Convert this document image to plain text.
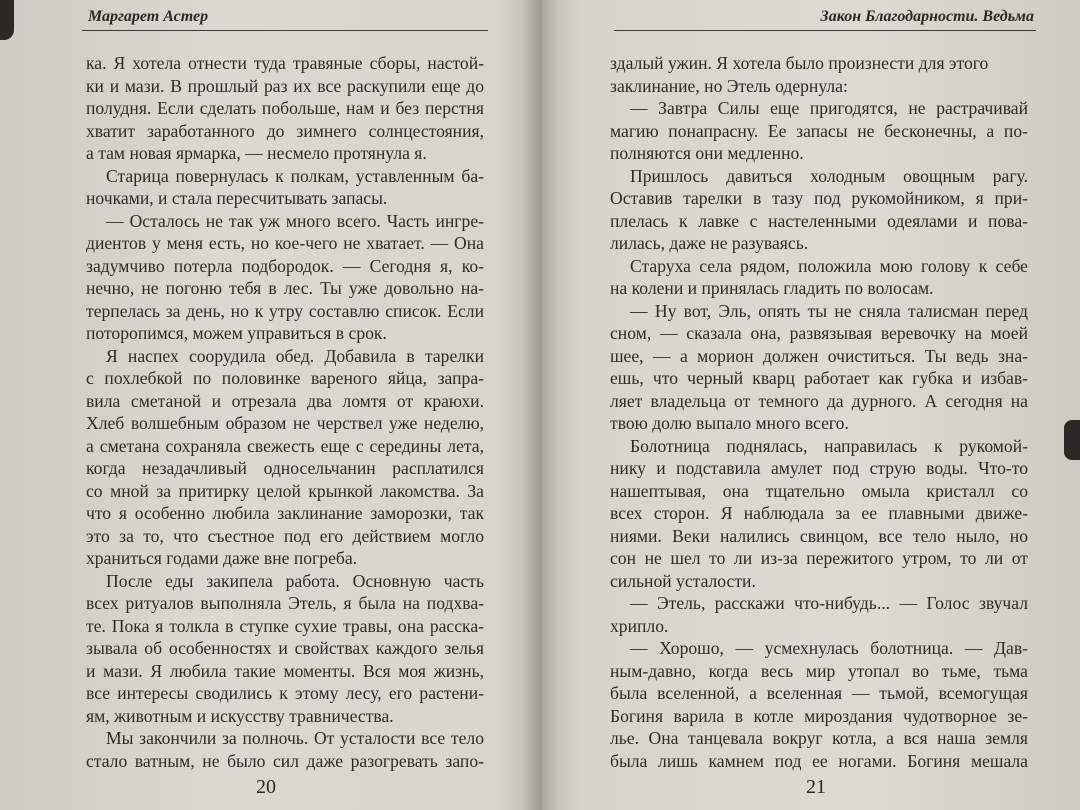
Маргарет Астер
ка. Я хотела отнести туда травяные сборы, настой-
ки и мази. В прошлый раз их все раскупили еще до
полудня. Если сделать побольше, нам и без перстня
хватит заработанного до зимнего солнцестояния,
а там новая ярмарка, — несмело протянула я.
Старица повернулась к полкам, уставленным ба-
ночками, и стала пересчитывать запасы.
— Осталось не так уж много всего. Часть ингре-
диентов у меня есть, но кое-чего не хватает. — Она
задумчиво потерла подбородок. — Сегодня я, ко-
нечно, не погоню тебя в лес. Ты уже довольно на-
терпелась за день, но к утру составлю список. Если
поторопимся, можем управиться в срок.
Я наспех соорудила обед. Добавила в тарелки
с похлебкой по половинке вареного яйца, запра-
вила сметаной и отрезала два ломтя от краюхи.
Хлеб волшебным образом не черствел уже неделю,
а сметана сохраняла свежесть еще с середины лета,
когда незадачливый односельчанин расплатился
со мной за притирку целой крынкой лакомства. За
что я особенно любила заклинание заморозки, так
это за то, что съестное под его действием могло
храниться годами даже вне погреба.
После еды закипела работа. Основную часть
всех ритуалов выполняла Этель, я была на подхва-
те. Пока я толкла в ступке сухие травы, она расска-
зывала об особенностях и свойствах каждого зелья
и мази. Я любила такие моменты. Вся моя жизнь,
все интересы сводились к этому лесу, его растени-
ям, животным и искусству травничества.
Мы закончили за полночь. От усталости все тело
стало ватным, не было сил даже разогревать запо-
20
Закон Благодарности. Ведьма
здалый ужин. Я хотела было произнести для этого
заклинание, но Этель одернула:
— Завтра Силы еще пригодятся, не растрачивай
магию понапрасну. Ее запасы не бесконечны, а по-
полняются они медленно.
Пришлось давиться холодным овощным рагу.
Оставив тарелки в тазу под рукомойником, я при-
плелась к лавке с настеленными одеялами и пова-
лилась, даже не разуваясь.
Старуха села рядом, положила мою голову к себе
на колени и принялась гладить по волосам.
— Ну вот, Эль, опять ты не сняла талисман перед
сном, — сказала она, развязывая веревочку на моей
шее, — а морион должен очиститься. Ты ведь зна-
ешь, что черный кварц работает как губка и избав-
ляет владельца от темного да дурного. А сегодня на
твою долю выпало много всего.
Болотница поднялась, направилась к рукомой-
нику и подставила амулет под струю воды. Что-то
нашептывая, она тщательно омыла кристалл со
всех сторон. Я наблюдала за ее плавными движе-
ниями. Веки налились свинцом, все тело ныло, но
сон не шел то ли из-за пережитого утром, то ли от
сильной усталости.
— Этель, расскажи что-нибудь... — Голос звучал
хрипло.
— Хорошо, — усмехнулась болотница. — Дав-
ным-давно, когда весь мир утопал во тьме, тьма
была вселенной, а вселенная — тьмой, всемогущая
Богиня варила в котле мироздания чудотворное зе-
лье. Она танцевала вокруг котла, а вся наша земля
была лишь камнем под ее ногами. Богиня мешала
21
